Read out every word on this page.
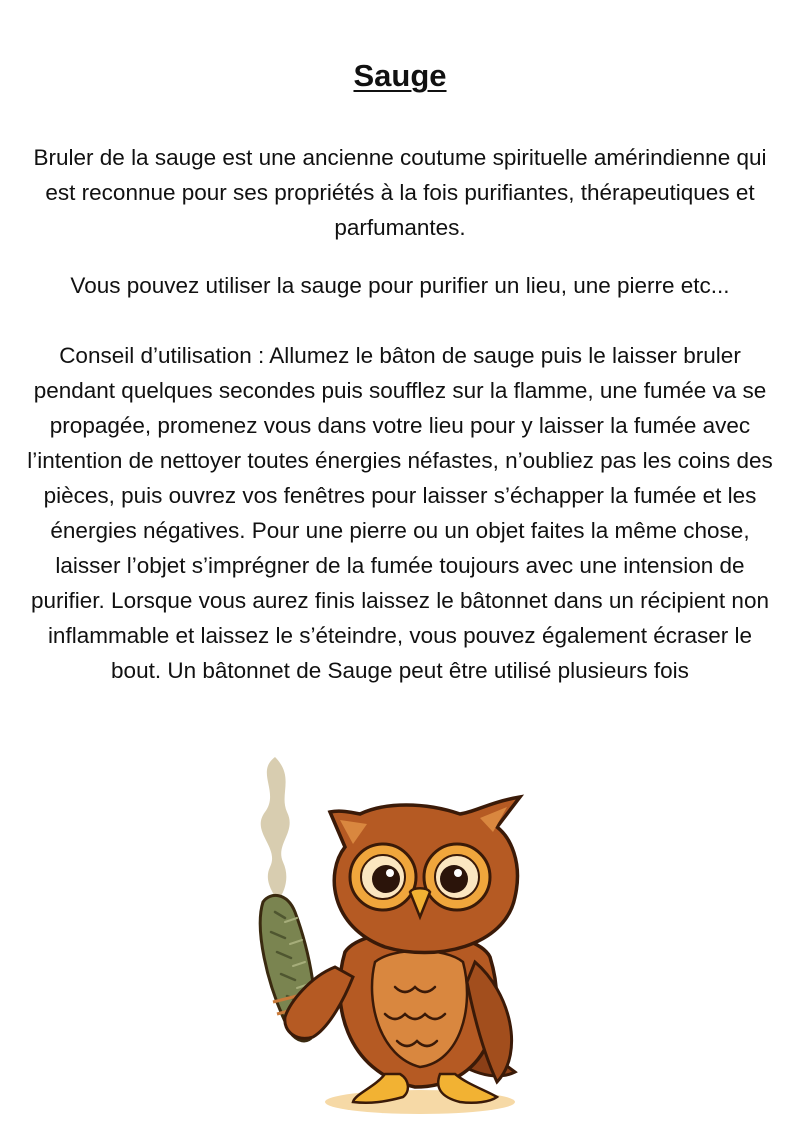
Sauge

Bruler de la sauge est une ancienne coutume spirituelle amérindienne qui est reconnue pour ses propriétés à la fois purifiantes, thérapeutiques et parfumantes.

Vous pouvez utiliser la sauge pour purifier un lieu, une pierre etc...

Conseil d’utilisation : Allumez le bâton de sauge puis le laisser bruler pendant quelques secondes puis soufflez sur la flamme, une fumée va se propagée, promenez vous dans votre lieu pour y laisser la fumée avec l’intention de nettoyer toutes énergies néfastes, n’oubliez pas les coins des pièces, puis ouvrez vos fenêtres pour laisser s’échapper la fumée et les énergies négatives. Pour une pierre ou un objet faites la même chose, laisser l’objet s’imprégner de la fumée toujours avec une intension de purifier. Lorsque vous aurez finis laissez le bâtonnet dans un récipient non inflammable et laissez le s’éteindre, vous pouvez également écraser le bout. Un bâtonnet de Sauge peut être utilisé plusieurs fois
